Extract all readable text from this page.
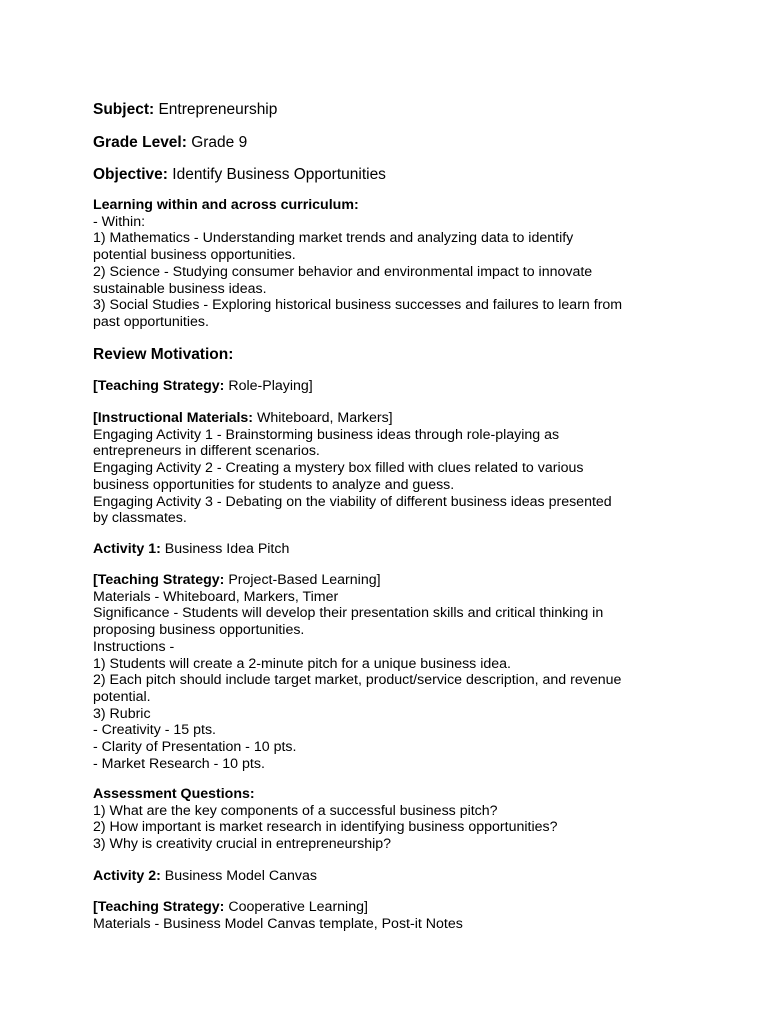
Subject: Entrepreneurship

Grade Level: Grade 9

Objective: Identify Business Opportunities

Learning within and across curriculum:
- Within:
1) Mathematics - Understanding market trends and analyzing data to identify
potential business opportunities.
2) Science - Studying consumer behavior and environmental impact to innovate
sustainable business ideas.
3) Social Studies - Exploring historical business successes and failures to learn from
past opportunities.

Review Motivation:

[Teaching Strategy: Role-Playing]

[Instructional Materials: Whiteboard, Markers]
Engaging Activity 1 - Brainstorming business ideas through role-playing as
entrepreneurs in different scenarios.
Engaging Activity 2 - Creating a mystery box filled with clues related to various
business opportunities for students to analyze and guess.
Engaging Activity 3 - Debating on the viability of different business ideas presented
by classmates.

Activity 1: Business Idea Pitch

[Teaching Strategy: Project-Based Learning]
Materials - Whiteboard, Markers, Timer
Significance - Students will develop their presentation skills and critical thinking in
proposing business opportunities.
Instructions -
1) Students will create a 2-minute pitch for a unique business idea.
2) Each pitch should include target market, product/service description, and revenue
potential.
3) Rubric
- Creativity - 15 pts.
- Clarity of Presentation - 10 pts.
- Market Research - 10 pts.
Assessment Questions:
1) What are the key components of a successful business pitch?
2) How important is market research in identifying business opportunities?
3) Why is creativity crucial in entrepreneurship?

Activity 2: Business Model Canvas

[Teaching Strategy: Cooperative Learning]
Materials - Business Model Canvas template, Post-it Notes
